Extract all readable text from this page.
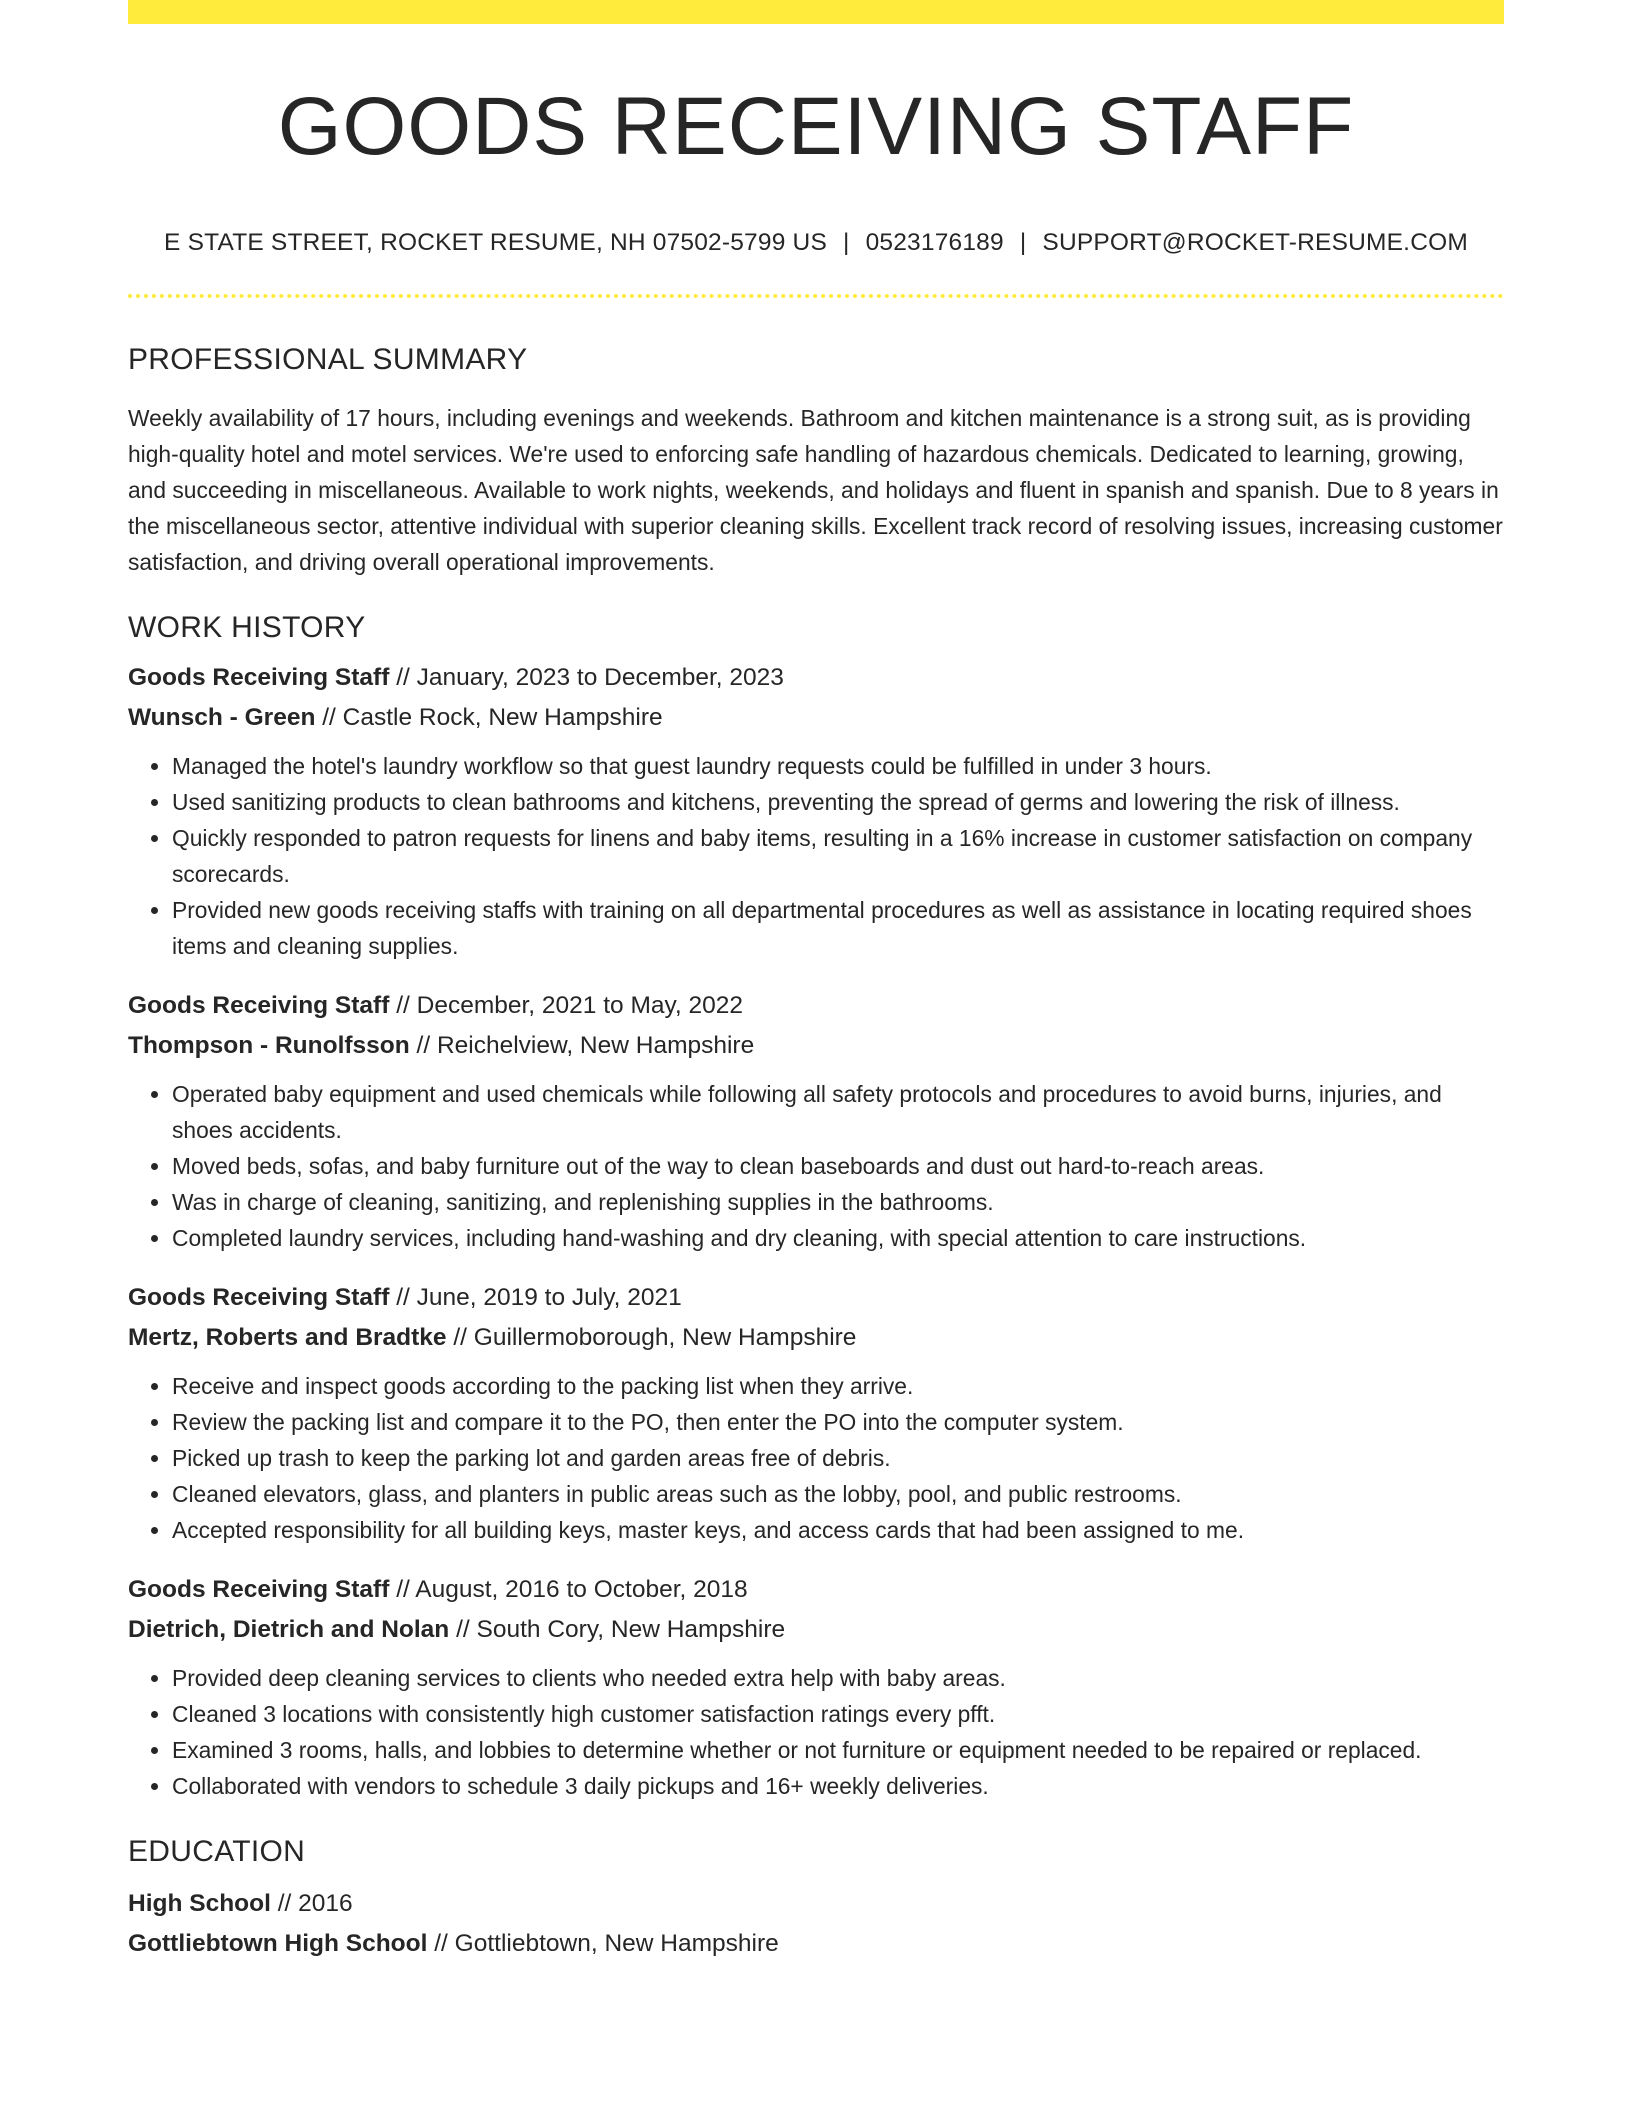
GOODS RECEIVING STAFF
E STATE STREET, ROCKET RESUME, NH 07502-5799 US | 0523176189 | SUPPORT@ROCKET-RESUME.COM
PROFESSIONAL SUMMARY

Weekly availability of 17 hours, including evenings and weekends. Bathroom and kitchen maintenance is a strong suit, as is providing high-quality hotel and motel services. We're used to enforcing safe handling of hazardous chemicals. Dedicated to learning, growing, and succeeding in miscellaneous. Available to work nights, weekends, and holidays and fluent in spanish and spanish. Due to 8 years in the miscellaneous sector, attentive individual with superior cleaning skills. Excellent track record of resolving issues, increasing customer satisfaction, and driving overall operational improvements.

WORK HISTORY
Goods Receiving Staff // January, 2023 to December, 2023
Wunsch - Green // Castle Rock, New Hampshire
• Managed the hotel's laundry workflow so that guest laundry requests could be fulfilled in under 3 hours.
• Used sanitizing products to clean bathrooms and kitchens, preventing the spread of germs and lowering the risk of illness.
• Quickly responded to patron requests for linens and baby items, resulting in a 16% increase in customer satisfaction on company scorecards.
• Provided new goods receiving staffs with training on all departmental procedures as well as assistance in locating required shoes items and cleaning supplies.
Goods Receiving Staff // December, 2021 to May, 2022
Thompson - Runolfsson // Reichelview, New Hampshire
• Operated baby equipment and used chemicals while following all safety protocols and procedures to avoid burns, injuries, and shoes accidents.
• Moved beds, sofas, and baby furniture out of the way to clean baseboards and dust out hard-to-reach areas.
• Was in charge of cleaning, sanitizing, and replenishing supplies in the bathrooms.
• Completed laundry services, including hand-washing and dry cleaning, with special attention to care instructions.
Goods Receiving Staff // June, 2019 to July, 2021
Mertz, Roberts and Bradtke // Guillermoborough, New Hampshire
• Receive and inspect goods according to the packing list when they arrive.
• Review the packing list and compare it to the PO, then enter the PO into the computer system.
• Picked up trash to keep the parking lot and garden areas free of debris.
• Cleaned elevators, glass, and planters in public areas such as the lobby, pool, and public restrooms.
• Accepted responsibility for all building keys, master keys, and access cards that had been assigned to me.
Goods Receiving Staff // August, 2016 to October, 2018
Dietrich, Dietrich and Nolan // South Cory, New Hampshire
• Provided deep cleaning services to clients who needed extra help with baby areas.
• Cleaned 3 locations with consistently high customer satisfaction ratings every pfft.
• Examined 3 rooms, halls, and lobbies to determine whether or not furniture or equipment needed to be repaired or replaced.
• Collaborated with vendors to schedule 3 daily pickups and 16+ weekly deliveries.
EDUCATION
High School // 2016
Gottliebtown High School // Gottliebtown, New Hampshire
